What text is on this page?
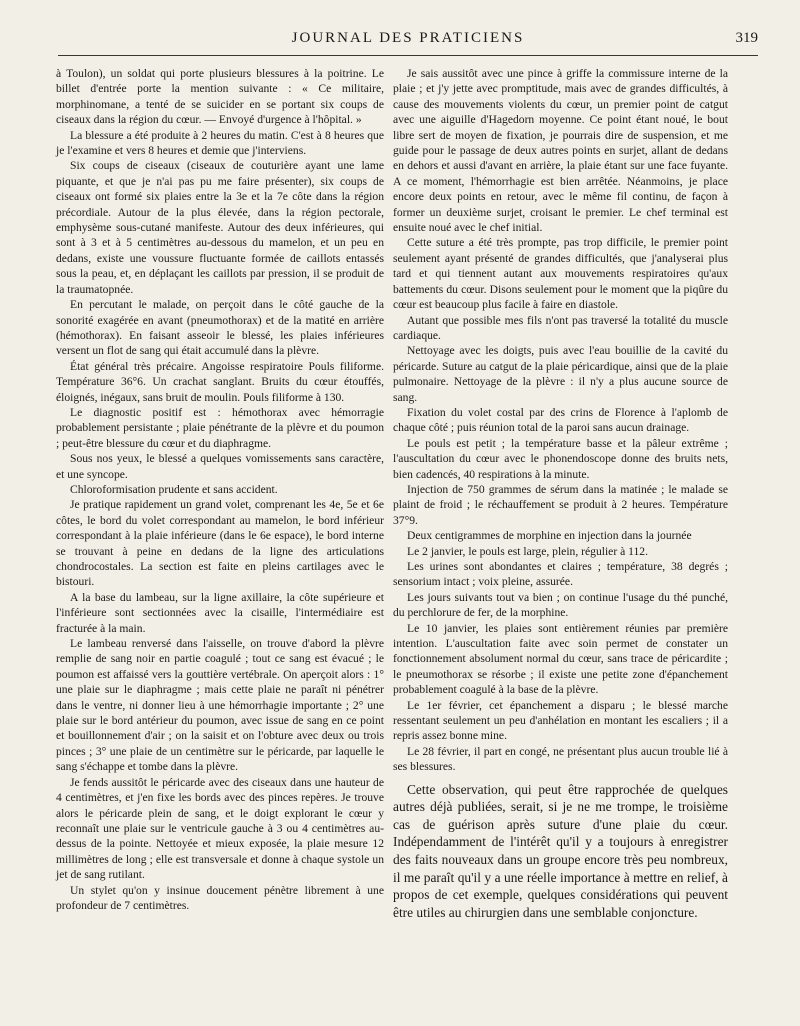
JOURNAL DES PRATICIENS	319

à Toulon), un soldat qui porte plusieurs blessures à la poitrine. Le billet d'entrée porte la mention suivante : « Ce militaire, morphinomane, a tenté de se suicider en se portant six coups de ciseaux dans la région du cœur. — Envoyé d'urgence à l'hôpital. »

La blessure a été produite à 2 heures du matin. C'est à 8 heures que je l'examine et vers 8 heures et demie que j'interviens.

Six coups de ciseaux (ciseaux de couturière ayant une lame piquante, et que je n'ai pas pu me faire présenter), six coups de ciseaux ont formé six plaies entre la 3e et la 7e côte dans la région précordiale. Autour de la plus élevée, dans la région pectorale, emphysème sous-cutané manifeste. Autour des deux inférieures, qui sont à 3 et à 5 centimètres au-dessous du mamelon, et un peu en dedans, existe une voussure fluctuante formée de caillots entassés sous la peau, et, en déplaçant les caillots par pression, il se produit de la traumatopnée.

En percutant le malade, on perçoit dans le côté gauche de la sonorité exagérée en avant (pneumothorax) et de la matité en arrière (hémothorax). En faisant asseoir le blessé, les plaies inférieures versent un flot de sang qui était accumulé dans la plèvre.

État général très précaire. Angoisse respiratoire Pouls filiforme. Température 36°6. Un crachat sanglant. Bruits du cœur étouffés, éloignés, inégaux, sans bruit de moulin. Pouls filiforme à 130.

Le diagnostic positif est : hémothorax avec hémorragie probablement persistante ; plaie pénétrante de la plèvre et du poumon ; peut-être blessure du cœur et du diaphragme.

Sous nos yeux, le blessé a quelques vomissements sans caractère, et une syncope.

Chloroformisation prudente et sans accident.

Je pratique rapidement un grand volet, comprenant les 4e, 5e et 6e côtes, le bord du volet correspondant au mamelon, le bord inférieur correspondant à la plaie inférieure (dans le 6e espace), le bord interne se trouvant à peine en dedans de la ligne des articulations chondrocostales. La section est faite en pleins cartilages avec le bistouri.

A la base du lambeau, sur la ligne axillaire, la côte supérieure et l'inférieure sont sectionnées avec la cisaille, l'intermédiaire est fracturée à la main.

Le lambeau renversé dans l'aisselle, on trouve d'abord la plèvre remplie de sang noir en partie coagulé ; tout ce sang est évacué ; le poumon est affaissé vers la gouttière vertébrale. On aperçoit alors : 1° une plaie sur le diaphragme ; mais cette plaie ne paraît ni pénétrer dans le ventre, ni donner lieu à une hémorrhagie importante ; 2° une plaie sur le bord antérieur du poumon, avec issue de sang en ce point et bouillonnement d'air ; on la saisit et on l'obture avec deux ou trois pinces ; 3° une plaie de un centimètre sur le péricarde, par laquelle le sang s'échappe et tombe dans la plèvre.

Je fends aussitôt le péricarde avec des ciseaux dans une hauteur de 4 centimètres, et j'en fixe les bords avec des pinces repères. Je trouve alors le péricarde plein de sang, et le doigt explorant le cœur y reconnaît une plaie sur le ventricule gauche à 3 ou 4 centimètres au-dessus de la pointe. Nettoyée et mieux exposée, la plaie mesure 12 millimètres de long ; elle est transversale et donne à chaque systole un jet de sang rutilant.

Un stylet qu'on y insinue doucement pénètre librement à une profondeur de 7 centimètres.

Je sais aussitôt avec une pince à griffe la commissure interne de la plaie ; et j'y jette avec promptitude, mais avec de grandes difficultés, à cause des mouvements violents du cœur, un premier point de catgut avec une aiguille d'Hagedorn moyenne. Ce point étant noué, le bout libre sert de moyen de fixation, je pourrais dire de suspension, et me guide pour le passage de deux autres points en surjet, allant de dedans en dehors et aussi d'avant en arrière, la plaie étant sur une face fuyante. A ce moment, l'hémorrhagie est bien arrêtée. Néanmoins, je place encore deux points en retour, avec le même fil continu, de façon à former un deuxième surjet, croisant le premier. Le chef terminal est ensuite noué avec le chef initial.

Cette suture a été très prompte, pas trop difficile, le premier point seulement ayant présenté de grandes difficultés, que j'analyserai plus tard et qui tiennent autant aux mouvements respiratoires qu'aux battements du cœur. Disons seulement pour le moment que la piqûre du cœur est beaucoup plus facile à faire en diastole.

Autant que possible mes fils n'ont pas traversé la totalité du muscle cardiaque.

Nettoyage avec les doigts, puis avec l'eau bouillie de la cavité du péricarde. Suture au catgut de la plaie péricardique, ainsi que de la plaie pulmonaire. Nettoyage de la plèvre : il n'y a plus aucune source de sang.

Fixation du volet costal par des crins de Florence à l'aplomb de chaque côté ; puis réunion total de la paroi sans aucun drainage.

Le pouls est petit ; la température basse et la pâleur extrême ; l'auscultation du cœur avec le phonendoscope donne des bruits nets, bien cadencés, 40 respirations à la minute.

Injection de 750 grammes de sérum dans la matinée ; le malade se plaint de froid ; le réchauffement se produit à 2 heures. Température 37°9.

Deux centigrammes de morphine en injection dans la journée

Le 2 janvier, le pouls est large, plein, régulier à 112.

Les urines sont abondantes et claires ; température, 38 degrés ; sensorium intact ; voix pleine, assurée.

Les jours suivants tout va bien ; on continue l'usage du thé punché, du perchlorure de fer, de la morphine.

Le 10 janvier, les plaies sont entièrement réunies par première intention. L'auscultation faite avec soin permet de constater un fonctionnement absolument normal du cœur, sans trace de péricardite ; le pneumothorax se résorbe ; il existe une petite zone d'épanchement probablement coagulé à la base de la plèvre.

Le 1er février, cet épanchement a disparu ; le blessé marche ressentant seulement un peu d'anhélation en montant les escaliers ; il a repris assez bonne mine.

Le 28 février, il part en congé, ne présentant plus aucun trouble lié à ses blessures.

Cette observation, qui peut être rapprochée de quelques autres déjà publiées, serait, si je ne me trompe, le troisième cas de guérison après suture d'une plaie du cœur. Indépendamment de l'intérêt qu'il y a toujours à enregistrer des faits nouveaux dans un groupe encore très peu nombreux, il me paraît qu'il y a une réelle importance à mettre en relief, à propos de cet exemple, quelques considérations qui peuvent être utiles au chirurgien dans une semblable conjoncture.
